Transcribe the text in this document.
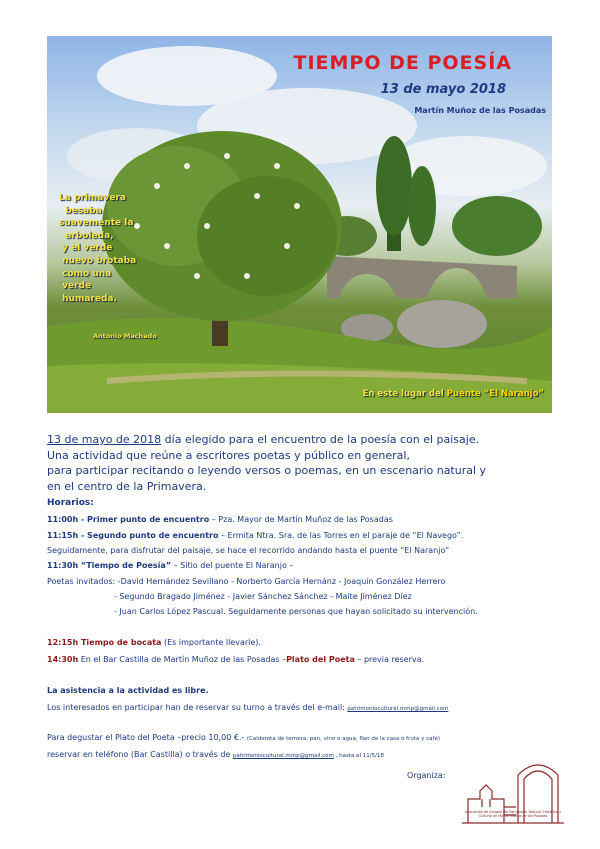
TIEMPO DE POESÍA
13 de mayo 2018
Martín Muñoz de las Posadas
La primavera
besaba
suavemente la
arboleda,
y el verde
nuevo brotaba
como una
verde
humareda.
Antonio Machado
En este lugar del Puente “El Naranjo”
13 de mayo de 2018 día elegido para el encuentro de la poesía con el paisaje.
Una actividad que reúne a escritores poetas y público en general,
para participar recitando o leyendo versos o poemas, en un escenario natural y
en el centro de la Primavera.
Horarios:
11:00h - Primer punto de encuentro – Pza. Mayor de Martín Muñoz de las Posadas
11:15h - Segundo punto de encuentro – Ermita Ntra. Sra. de las Torres en el paraje de “El Navego”.
Seguidamente, para disfrutar del paisaje, se hace el recorrido andando hasta el puente “El Naranjo”
11:30h “Tiempo de Poesía” – Sitio del puente El Naranjo –
Poetas invitados: -David Hernández Sevillano - Norberto García Hernánz - Joaquín González Herrero
- Segundo Bragado Jiménez - Javier Sánchez Sánchez - Maite Jiménez Díez
- Juan Carlos López Pascual. Seguidamente personas que hayan solicitado su intervención.
12:15h Tiempo de bocata (Es importante llevarle).
14:30h En el Bar Castilla de Martín Muñoz de las Posadas –Plato del Poeta – previa reserva.
La asistencia a la actividad es libre.
Los interesados en participar han de reservar su turno a través del e-mail: patrimoniocultural.mmp@gmail.com
Para degustar el Plato del Poeta –precio 10,00 €.- (Caldereta de ternera, pan, vino o agua, flan de la casa o fruta y café)
reservar en teléfono (Bar Castilla) o través de patrimoniocultural.mmp@gmail.com , hasta el 11/5/18
Organiza:
Asociación de Amigos del Patrimonio Natural, Histórico y Cultural de Martín Muñoz de las Posadas
